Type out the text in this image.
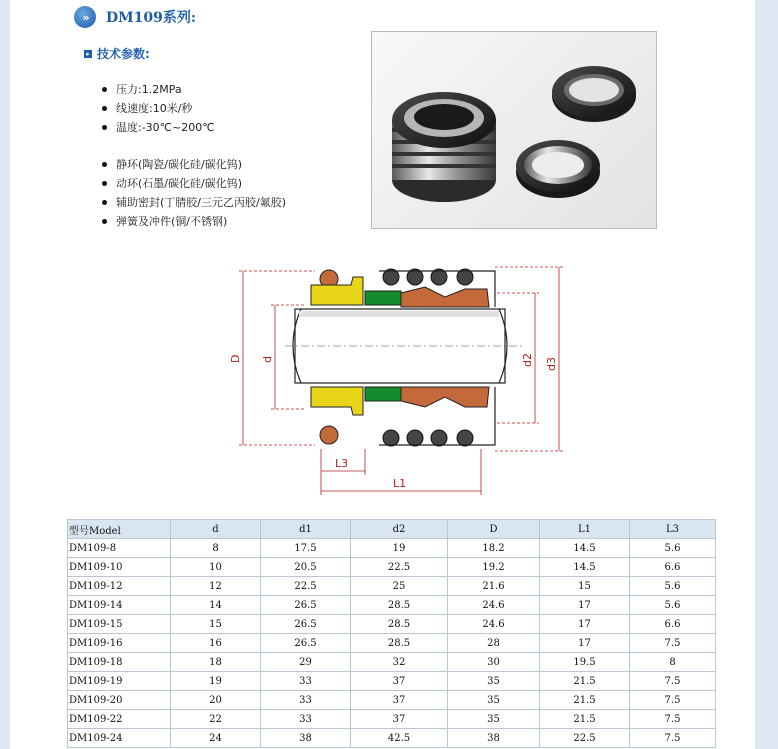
»	DM109系列:
▸ 技术参数:
压力:1.2MPa
线速度:10米/秒
温度:-30℃~200℃
静环(陶瓷/碳化硅/碳化钨)
动环(石墨/碳化硅/碳化钨)
辅助密封(丁腈胶/三元乙丙胶/氟胶)
弹簧及冲件(铜/不锈钢)
D d	d2 d3
L3
L1
型号Model	d	d1	d2	D	L1	L3
DM109-8	8	17.5	19	18.2	14.5	5.6
DM109-10	10	20.5	22.5	19.2	14.5	6.6
DM109-12	12	22.5	25	21.6	15	5.6
DM109-14	14	26.5	28.5	24.6	17	5.6
DM109-15	15	26.5	28.5	24.6	17	6.6
DM109-16	16	26.5	28.5	28	17	7.5
DM109-18	18	29	32	30	19.5	8
DM109-19	19	33	37	35	21.5	7.5
DM109-20	20	33	37	35	21.5	7.5
DM109-22	22	33	37	35	21.5	7.5
DM109-24	24	38	42.5	38	22.5	7.5
